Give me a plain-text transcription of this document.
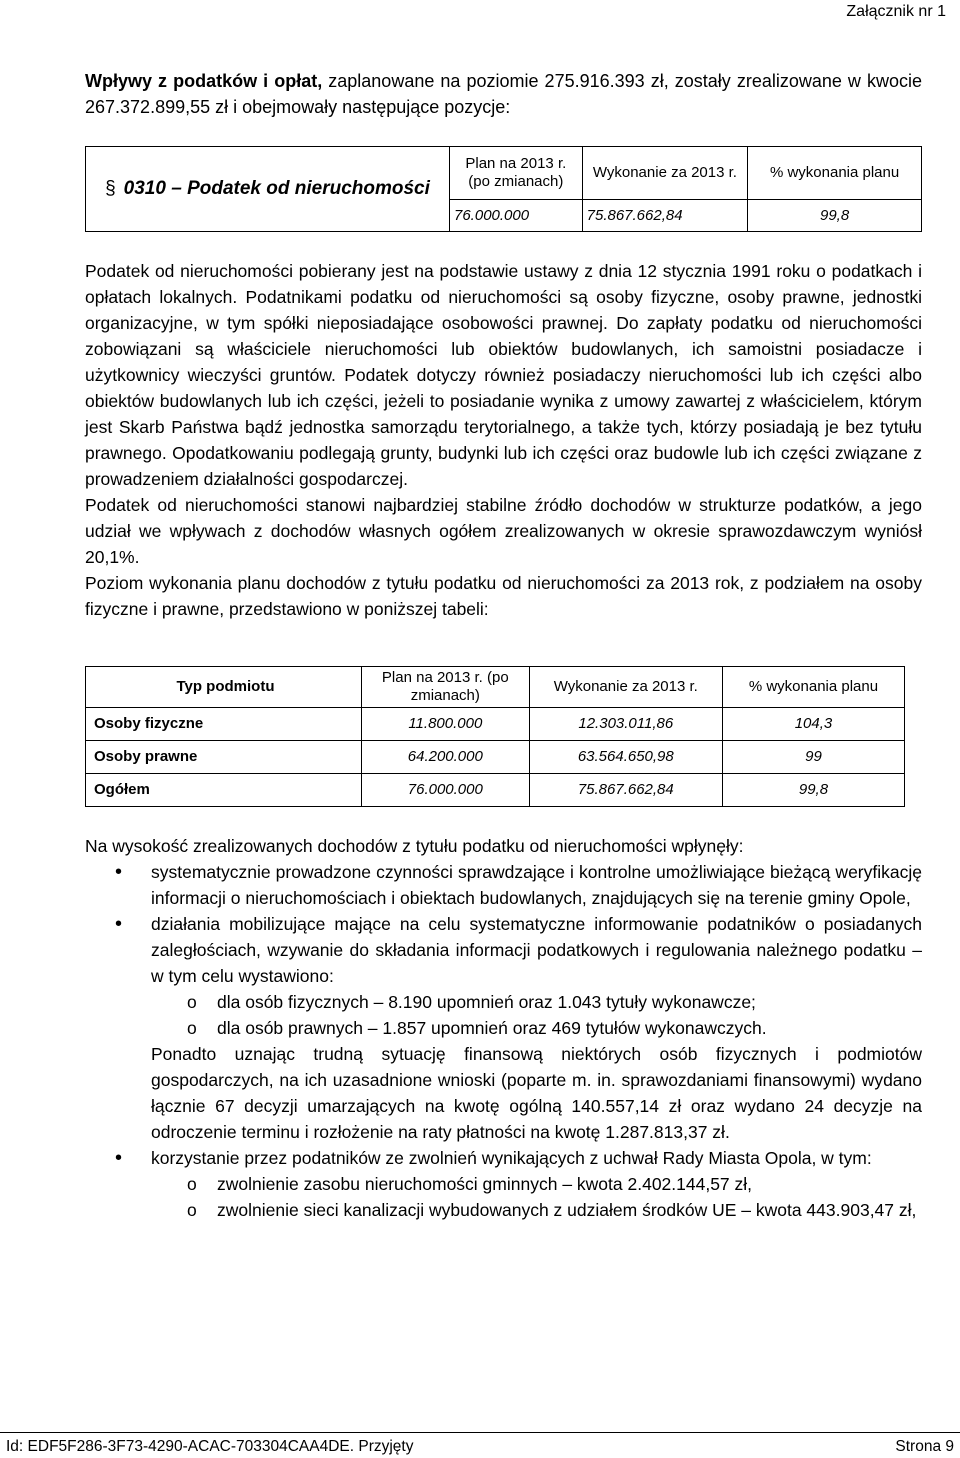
Załącznik nr 1

Wpływy z podatków i opłat, zaplanowane na poziomie 275.916.393 zł, zostały zrealizowane w kwocie 267.372.899,55 zł i obejmowały następujące pozycje:

§ 0310 – Podatek od nieruchomości	Plan na 2013 r. (po zmianach)	Wykonanie za 2013 r.	% wykonania planu
	76.000.000	75.867.662,84	99,8

Podatek od nieruchomości pobierany jest na podstawie ustawy z dnia 12 stycznia 1991 roku o podatkach i opłatach lokalnych. Podatnikami podatku od nieruchomości są osoby fizyczne, osoby prawne, jednostki organizacyjne, w tym spółki nieposiadające osobowości prawnej. Do zapłaty podatku od nieruchomości zobowiązani są właściciele nieruchomości lub obiektów budowlanych, ich samoistni posiadacze i użytkownicy wieczyści gruntów. Podatek dotyczy również posiadaczy nieruchomości lub ich części albo obiektów budowlanych lub ich części, jeżeli to posiadanie wynika z umowy zawartej z właścicielem, którym jest Skarb Państwa bądź jednostka samorządu terytorialnego, a także tych, którzy posiadają je bez tytułu prawnego. Opodatkowaniu podlegają grunty, budynki lub ich części oraz budowle lub ich części związane z prowadzeniem działalności gospodarczej.

Podatek od nieruchomości stanowi najbardziej stabilne źródło dochodów w strukturze podatków, a jego udział we wpływach z dochodów własnych ogółem zrealizowanych w okresie sprawozdawczym wyniósł 20,1%.

Poziom wykonania planu dochodów z tytułu podatku od nieruchomości za 2013 rok, z podziałem na osoby fizyczne i prawne, przedstawiono w poniższej tabeli:

Typ podmiotu	Plan na 2013 r. (po zmianach)	Wykonanie za 2013 r.	% wykonania planu
Osoby fizyczne	11.800.000	12.303.011,86	104,3
Osoby prawne	64.200.000	63.564.650,98	99
Ogółem	76.000.000	75.867.662,84	99,8

Na wysokość zrealizowanych dochodów z tytułu podatku od nieruchomości wpłynęły:

• systematycznie prowadzone czynności sprawdzające i kontrolne umożliwiające bieżącą weryfikację informacji o nieruchomościach i obiektach budowlanych, znajdujących się na terenie gminy Opole,
• działania mobilizujące mające na celu systematyczne informowanie podatników o posiadanych zaległościach, wzywanie do składania informacji podatkowych i regulowania należnego podatku – w tym celu wystawiono:
o dla osób fizycznych – 8.190 upomnień oraz 1.043 tytuły wykonawcze;
o dla osób prawnych – 1.857 upomnień oraz 469 tytułów wykonawczych.
Ponadto uznając trudną sytuację finansową niektórych osób fizycznych i podmiotów gospodarczych, na ich uzasadnione wnioski (poparte m. in. sprawozdaniami finansowymi) wydano łącznie 67 decyzji umarzających na kwotę ogólną 140.557,14 zł oraz wydano 24 decyzje na odroczenie terminu i rozłożenie na raty płatności na kwotę 1.287.813,37 zł.
• korzystanie przez podatników ze zwolnień wynikających z uchwał Rady Miasta Opola, w tym:
o zwolnienie zasobu nieruchomości gminnych – kwota 2.402.144,57 zł,
o zwolnienie sieci kanalizacji wybudowanych z udziałem środków UE – kwota 443.903,47 zł,
Id: EDF5F286-3F73-4290-ACAC-703304CAA4DE. Przyjęty	Strona 9
